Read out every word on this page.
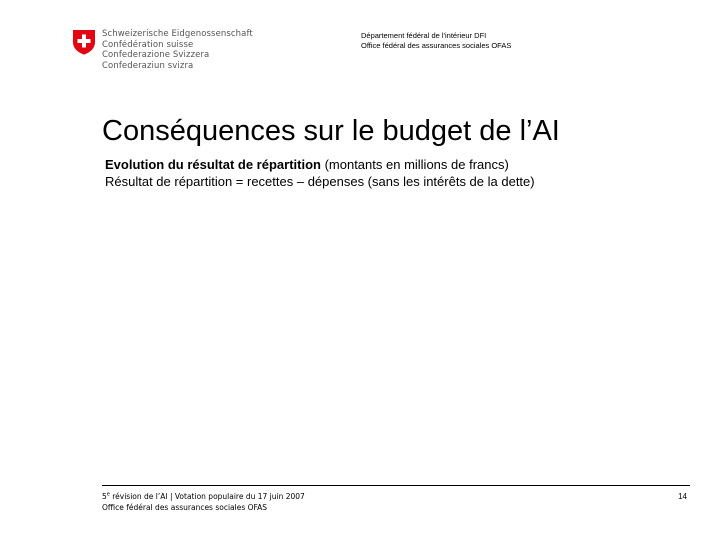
Schweizerische Eidgenossenschaft
Confédération suisse
Confederazione Svizzera
Confederaziun svizra
Département fédéral de l'intérieur DFI
Office fédéral des assurances sociales OFAS
Conséquences sur le budget de l’AI
Evolution du résultat de répartition (montants en millions de francs)
Résultat de répartition = recettes – dépenses (sans les intérêts de la dette)
5e révision de l’AI | Votation populaire du 17 juin 2007
Office fédéral des assurances sociales OFAS
14
